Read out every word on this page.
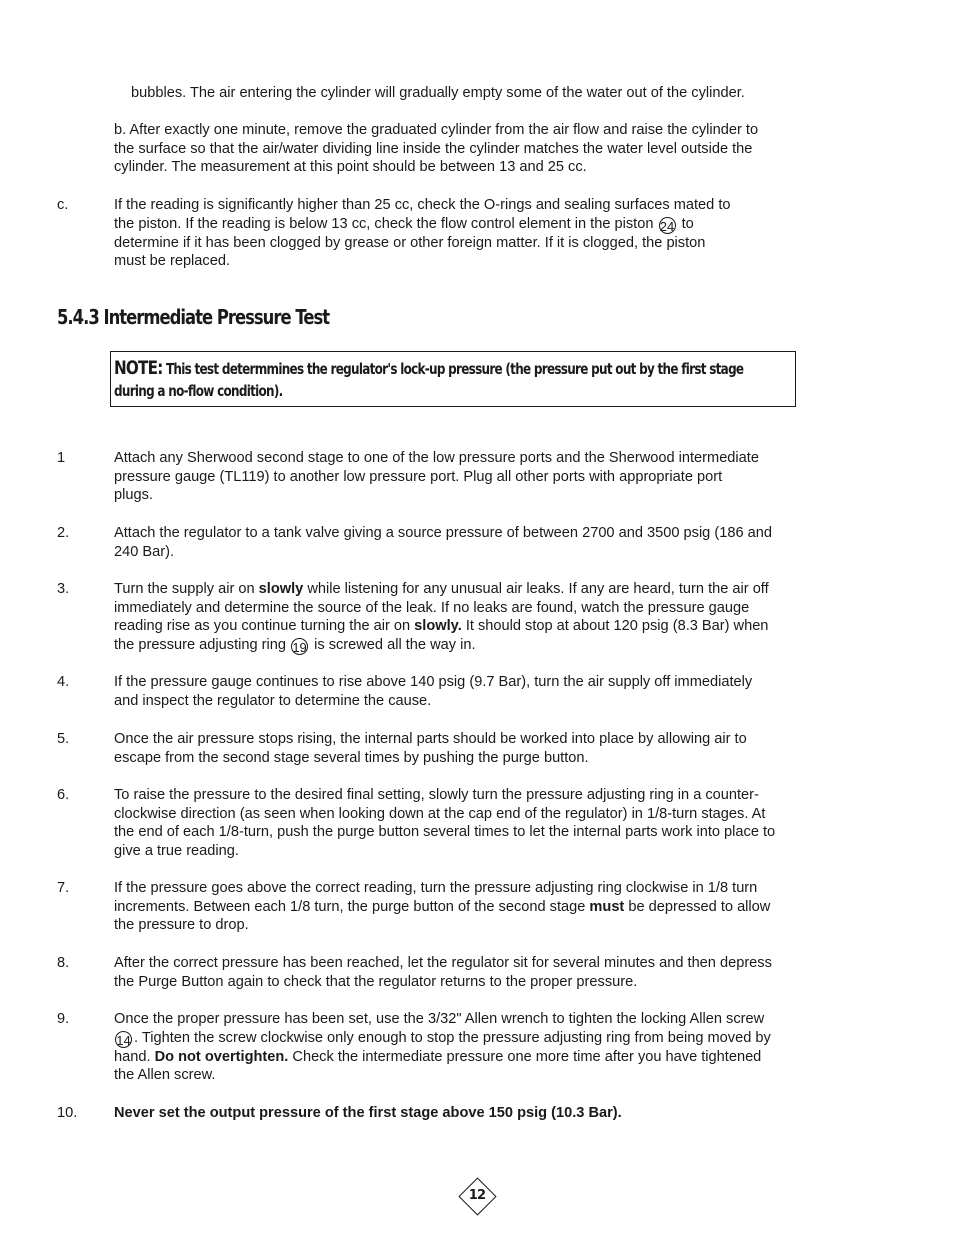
bubbles. The air entering the cylinder will gradually empty some of the water out of the cylinder.

b. After exactly one minute, remove the graduated cylinder from the air flow and raise the cylinder to the surface so that the air/water dividing line inside the cylinder matches the water level outside the cylinder. The measurement at this point should be between 13 and 25 cc.

c.	If the reading is significantly higher than 25 cc, check the O-rings and sealing surfaces mated to the piston. If the reading is below 13 cc, check the flow control element in the piston 24 to determine if it has been clogged by grease or other foreign matter. If it is clogged, the piston must be replaced.

5.4.3 Intermediate Pressure Test

NOTE: This test determmines the regulator's lock-up pressure (the pressure put out by the first stage during a no-flow condition).

1	Attach any Sherwood second stage to one of the low pressure ports and the Sherwood intermediate pressure gauge (TL119) to another low pressure port. Plug all other ports with appropriate port plugs.

2.	Attach the regulator to a tank valve giving a source pressure of between 2700 and 3500 psig (186 and 240 Bar).

3.	Turn the supply air on slowly while listening for any unusual air leaks. If any are heard, turn the air off immediately and determine the source of the leak. If no leaks are found, watch the pressure gauge reading rise as you continue turning the air on slowly. It should stop at about 120 psig (8.3 Bar) when the pressure adjusting ring 19 is screwed all the way in.

4.	If the pressure gauge continues to rise above 140 psig (9.7 Bar), turn the air supply off immediately and inspect the regulator to determine the cause.

5.	Once the air pressure stops rising, the internal parts should be worked into place by allowing air to escape from the second stage several times by pushing the purge button.

6.	To raise the pressure to the desired final setting, slowly turn the pressure adjusting ring in a counter-clockwise direction (as seen when looking down at the cap end of the regulator) in 1/8-turn stages. At the end of each 1/8-turn, push the purge button several times to let the internal parts work into place to give a true reading.

7.	If the pressure goes above the correct reading, turn the pressure adjusting ring clockwise in 1/8 turn increments. Between each 1/8 turn, the purge button of the second stage must be depressed to allow the pressure to drop.

8.	After the correct pressure has been reached, let the regulator sit for several minutes and then depress the Purge Button again to check that the regulator returns to the proper pressure.

9.	Once the proper pressure has been set, use the 3/32" Allen wrench to tighten the locking Allen screw 14 . Tighten the screw clockwise only enough to stop the pressure adjusting ring from being moved by hand. Do not overtighten. Check the intermediate pressure one more time after you have tightened the Allen screw.

10.	Never set the output pressure of the first stage above 150 psig (10.3 Bar).

12
